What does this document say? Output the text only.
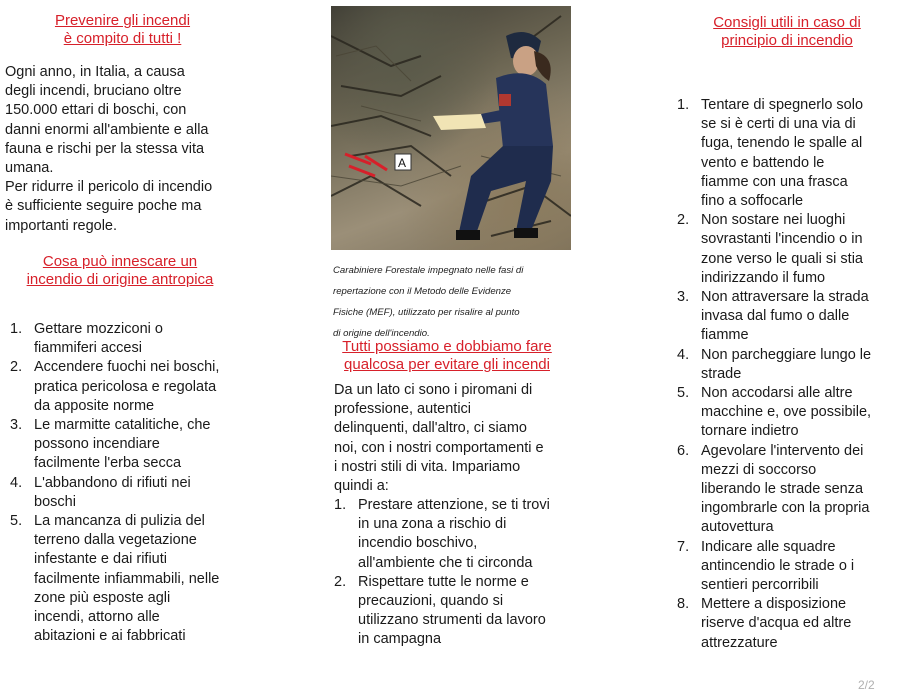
Prevenire gli incendi

è compito di tutti !

Ogni anno, in Italia, a causa

degli incendi, bruciano oltre

150.000 ettari di boschi, con

danni enormi all'ambiente e alla

fauna e rischi per la stessa vita

umana.

Per ridurre il pericolo di incendio

è sufficiente seguire poche ma

importanti regole.

Cosa può innescare un

incendio di origine antropica

1. Gettare mozziconi o
fiammiferi accesi
2. Accendere fuochi nei boschi,
pratica pericolosa e regolata
da apposite norme
3. Le marmitte catalitiche, che
possono incendiare
facilmente l'erba secca
4. L'abbandono di rifiuti nei
boschi
5. La mancanza di pulizia del
terreno dalla vegetazione
infestante e dai rifiuti
facilmente infiammabili, nelle
zone più esposte agli
incendi, attorno alle
abitazioni e ai fabbricati
A

Carabiniere Forestale impegnato nelle fasi di

repertazione con il Metodo delle Evidenze

Fisiche (MEF), utilizzato per risalire al punto

di origine dell'incendio.

Tutti possiamo e dobbiamo fare

qualcosa per evitare gli incendi

Da un lato ci sono i piromani di

professione, autentici

delinquenti, dall'altro, ci siamo

noi, con i nostri comportamenti e

i nostri stili di vita. Impariamo

quindi a:

1. Prestare attenzione, se ti trovi
in una zona a rischio di
incendio boschivo,
all'ambiente che ti circonda
2. Rispettare tutte le norme e
precauzioni, quando si
utilizzano strumenti da lavoro
in campagna

Consigli utili in caso di

principio di incendio

1. Tentare di spegnerlo solo
se si è certi di una via di
fuga, tenendo le spalle al
vento e battendo le
fiamme con una frasca
fino a soffocarle
2. Non sostare nei luoghi
sovrastanti l'incendio o in
zone verso le quali si stia
indirizzando il fumo
3. Non attraversare la strada
invasa dal fumo o dalle
fiamme
4. Non parcheggiare lungo le
strade
5. Non accodarsi alle altre
macchine e, ove possibile,
tornare indietro
6. Agevolare l'intervento dei
mezzi di soccorso
liberando le strade senza
ingombrarle con la propria
autovettura
7. Indicare alle squadre
antincendio le strade o i
sentieri percorribili
8. Mettere a disposizione
riserve d'acqua ed altre
attrezzature
2/2
